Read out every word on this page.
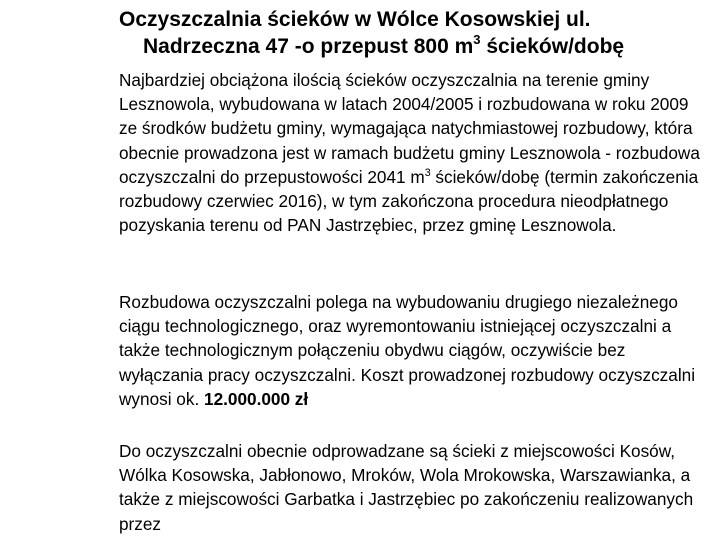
Oczyszczalnia ścieków w Wólce Kosowskiej ul.
Nadrzeczna 47 -o przepust 800 $m^3$ ścieków/dobę

Najbardziej obciążona ilością ścieków oczyszczalnia na terenie gminy Lesznowola, wybudowana w latach 2004/2005 i rozbudowana w roku 2009 ze środków budżetu gminy, wymagająca natychmiastowej rozbudowy, która obecnie prowadzona jest w ramach budżetu gminy Lesznowola - rozbudowa oczyszczalni do przepustowości 2041 $m^3$ ścieków/dobę (termin zakończenia rozbudowy czerwiec 2016), w tym zakończona procedura nieodpłatnego pozyskania terenu od PAN Jastrzębiec, przez gminę Lesznowola.

Rozbudowa oczyszczalni polega na wybudowaniu drugiego niezależnego ciągu technologicznego, oraz wyremontowaniu istniejącej oczyszczalni a także technologicznym połączeniu obydwu ciągów, oczywiście bez wyłączania pracy oczyszczalni. Koszt prowadzonej rozbudowy oczyszczalni wynosi ok. 12.000.000 zł

Do oczyszczalni obecnie odprowadzane są ścieki z miejscowości Kosów, Wólka Kosowska, Jabłonowo, Mroków, Wola Mrokowska, Warszawianka, a także z miejscowości Garbatka i Jastrzębiec po zakończeniu realizowanych przez
